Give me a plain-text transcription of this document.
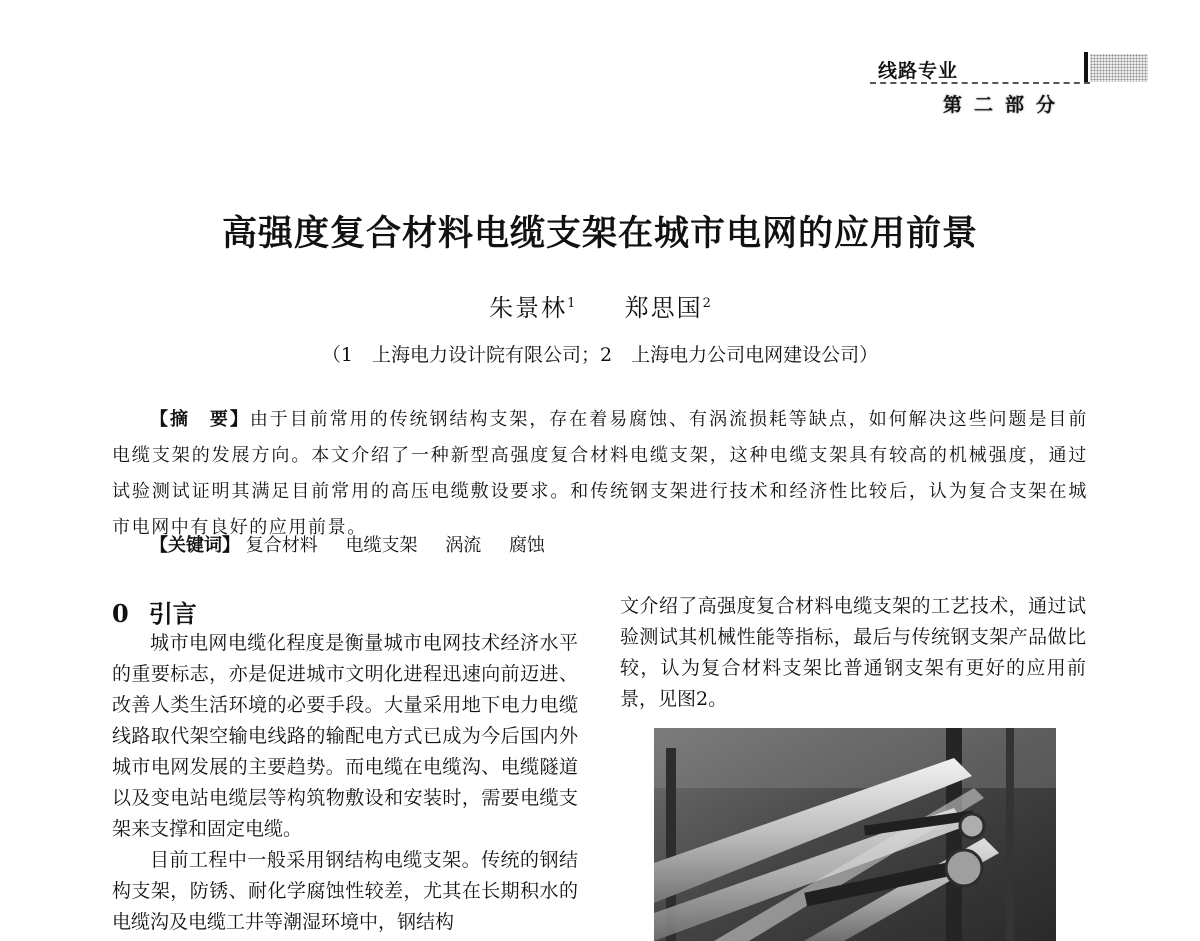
线路专业
第 二 部 分
高强度复合材料电缆支架在城市电网的应用前景
朱景林$^1$ 郑思国$^2$
（1　上海电力设计院有限公司；2　上海电力公司电网建设公司）
【摘　要】由于目前常用的传统钢结构支架，存在着易腐蚀、有涡流损耗等缺点，如何解决这些问题是目前电缆支架的发展方向。本文介绍了一种新型高强度复合材料电缆支架，这种电缆支架具有较高的机械强度，通过试验测试证明其满足目前常用的高压电缆敷设要求。和传统钢支架进行技术和经济性比较后，认为复合支架在城市电网中有良好的应用前景。
【关键词】 复合材料 电缆支架 涡流 腐蚀
0 引言

城市电网电缆化程度是衡量城市电网技术经济水平的重要标志，亦是促进城市文明化进程迅速向前迈进、改善人类生活环境的必要手段。大量采用地下电力电缆线路取代架空输电线路的输配电方式已成为今后国内外城市电网发展的主要趋势。而电缆在电缆沟、电缆隧道以及变电站电缆层等构筑物敷设和安装时，需要电缆支架来支撑和固定电缆。

目前工程中一般采用钢结构电缆支架。传统的钢结构支架，防锈、耐化学腐蚀性较差，尤其在长期积水的电缆沟及电缆工井等潮湿环境中，钢结构

文介绍了高强度复合材料电缆支架的工艺技术，通过试验测试其机械性能等指标，最后与传统钢支架产品做比较，认为复合材料支架比普通钢支架有更好的应用前景，见图2。
